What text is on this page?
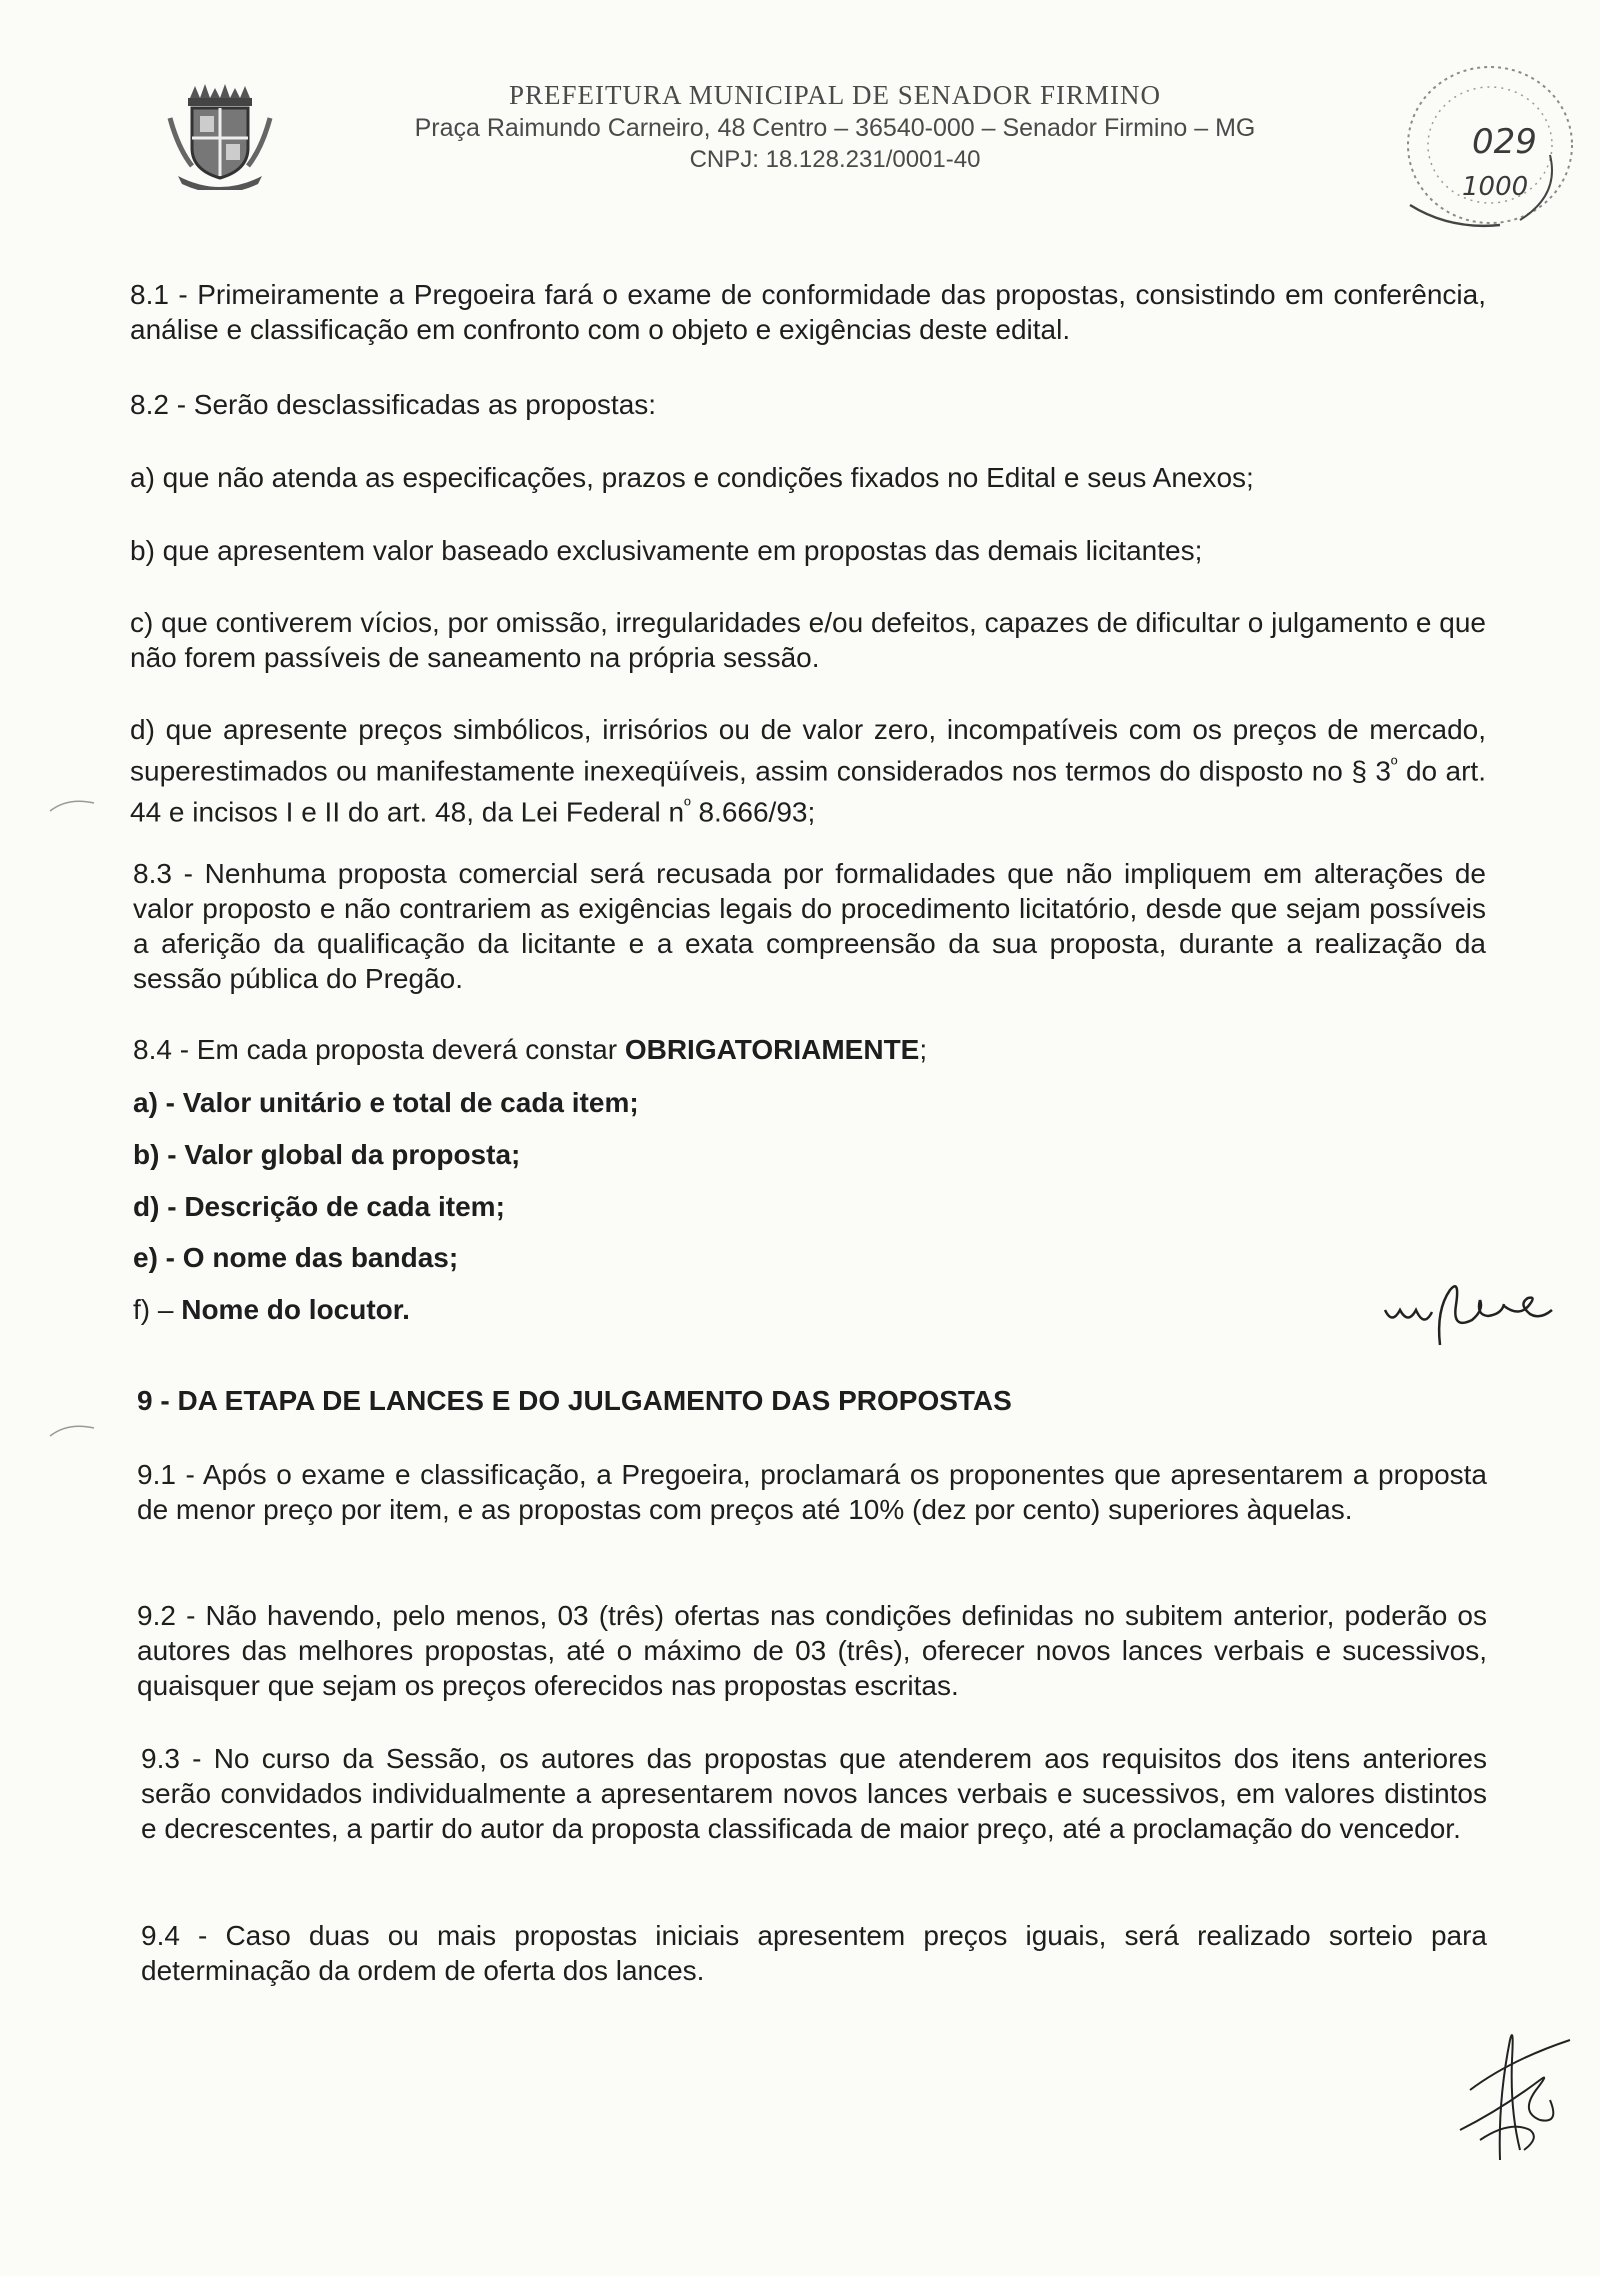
PREFEITURA MUNICIPAL DE SENADOR FIRMINO
Praça Raimundo Carneiro, 48 Centro – 36540-000 – Senador Firmino – MG
CNPJ: 18.128.231/0001-40	029
1000
8.1 - Primeiramente a Pregoeira fará o exame de conformidade das propostas, consistindo em conferência, análise e classificação em confronto com o objeto e exigências deste edital.
8.2 - Serão desclassificadas as propostas:
a) que não atenda as especificações, prazos e condições fixados no Edital e seus Anexos;
b) que apresentem valor baseado exclusivamente em propostas das demais licitantes;
c) que contiverem vícios, por omissão, irregularidades e/ou defeitos, capazes de dificultar o julgamento e que não forem passíveis de saneamento na própria sessão.
d) que apresente preços simbólicos, irrisórios ou de valor zero, incompatíveis com os preços de mercado, superestimados ou manifestamente inexeqüíveis, assim considerados nos termos do disposto no § $3^º$ do art. 44 e incisos I e II do art. 48, da Lei Federal $n^º$ 8.666/93;
8.3 - Nenhuma proposta comercial será recusada por formalidades que não impliquem em alterações de valor proposto e não contrariem as exigências legais do procedimento licitatório, desde que sejam possíveis a aferição da qualificação da licitante e a exata compreensão da sua proposta, durante a realização da sessão pública do Pregão.
8.4 - Em cada proposta deverá constar OBRIGATORIAMENTE;
a) - Valor unitário e total de cada item;
b) - Valor global da proposta;
d) - Descrição de cada item;
e) - O nome das bandas;
f) – Nome do locutor.
9 - DA ETAPA DE LANCES E DO JULGAMENTO DAS PROPOSTAS
9.1 - Após o exame e classificação, a Pregoeira, proclamará os proponentes que apresentarem a proposta de menor preço por item, e as propostas com preços até 10% (dez por cento) superiores àquelas.
9.2 - Não havendo, pelo menos, 03 (três) ofertas nas condições definidas no subitem anterior, poderão os autores das melhores propostas, até o máximo de 03 (três), oferecer novos lances verbais e sucessivos, quaisquer que sejam os preços oferecidos nas propostas escritas.
9.3 - No curso da Sessão, os autores das propostas que atenderem aos requisitos dos itens anteriores serão convidados individualmente a apresentarem novos lances verbais e sucessivos, em valores distintos e decrescentes, a partir do autor da proposta classificada de maior preço, até a proclamação do vencedor.
9.4 - Caso duas ou mais propostas iniciais apresentem preços iguais, será realizado sorteio para determinação da ordem de oferta dos lances.
